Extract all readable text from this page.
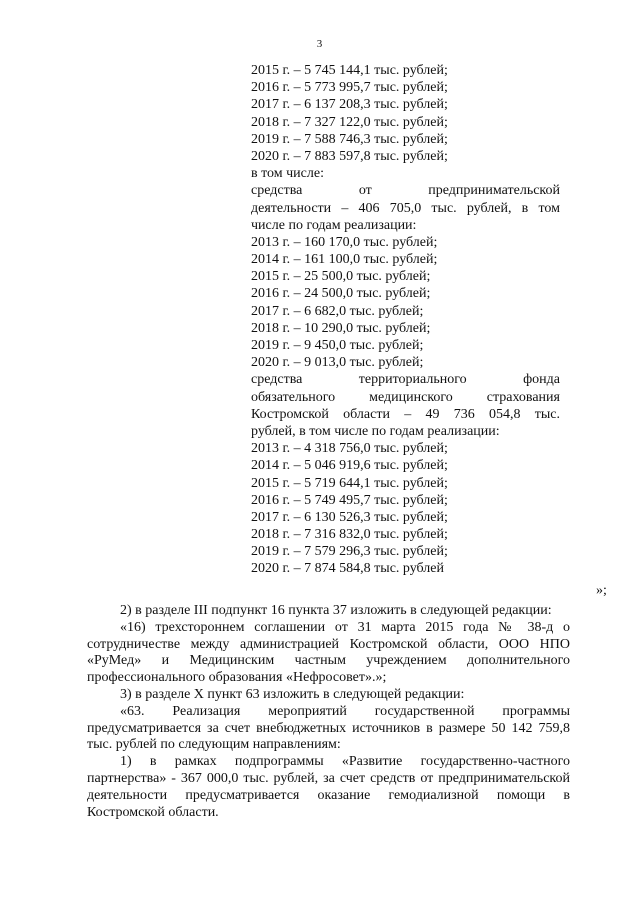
3
2015 г. – 5 745 144,1 тыс. рублей;
2016 г. – 5 773 995,7 тыс. рублей;
2017 г. – 6 137 208,3 тыс. рублей;
2018 г. – 7 327 122,0 тыс. рублей;
2019 г. – 7 588 746,3 тыс. рублей;
2020 г. – 7 883 597,8 тыс. рублей;
в том числе:
средства от предпринимательской
деятельности – 406 705,0 тыс. рублей, в том
числе по годам реализации:
2013 г. – 160 170,0 тыс. рублей;
2014 г. – 161 100,0 тыс. рублей;
2015 г. – 25 500,0 тыс. рублей;
2016 г. – 24 500,0 тыс. рублей;
2017 г. – 6 682,0 тыс. рублей;
2018 г. – 10 290,0 тыс. рублей;
2019 г. – 9 450,0 тыс. рублей;
2020 г. – 9 013,0 тыс. рублей;
средства территориального фонда
обязательного медицинского страхования
Костромской области – 49 736 054,8 тыс.
рублей, в том числе по годам реализации:
2013 г. – 4 318 756,0 тыс. рублей;
2014 г. – 5 046 919,6 тыс. рублей;
2015 г. – 5 719 644,1 тыс. рублей;
2016 г. – 5 749 495,7 тыс. рублей;
2017 г. – 6 130 526,3 тыс. рублей;
2018 г. – 7 316 832,0 тыс. рублей;
2019 г. – 7 579 296,3 тыс. рублей;
2020 г. – 7 874 584,8 тыс. рублей
»;

2) в разделе III подпункт 16 пункта 37 изложить в следующей редакции:

«16) трехстороннем соглашении от 31 марта 2015 года № 38-д о сотрудничестве между администрацией Костромской области, ООО НПО «РуМед» и Медицинским частным учреждением дополнительного профессионального образования «Нефросовет».»;

3) в разделе Х пункт 63 изложить в следующей редакции:

«63. Реализация мероприятий государственной программы предусматривается за счет внебюджетных источников в размере 50 142 759,8 тыс. рублей по следующим направлениям:

1) в рамках подпрограммы «Развитие государственно-частного партнерства» - 367 000,0 тыс. рублей, за счет средств от предпринимательской деятельности предусматривается оказание гемодиализной помощи в Костромской области.
